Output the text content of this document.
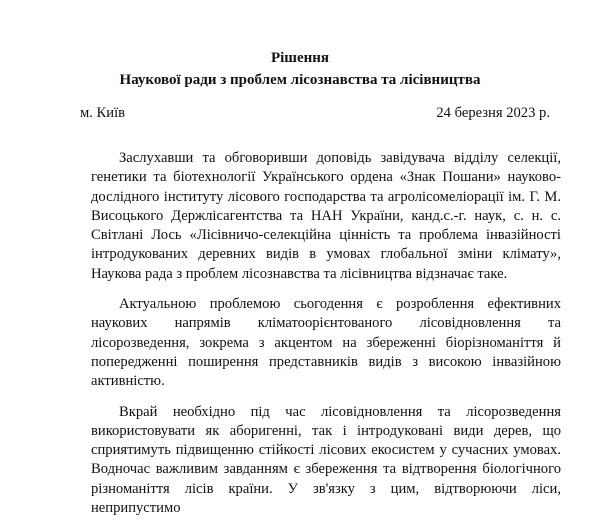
Рішення
Наукової ради з проблем лісознавства та лісівництва
м. Київ	24 березня 2023 р.

Заслухавши та обговоривши доповідь завідувача відділу селекції, генетики та біотехнології Українського ордена «Знак Пошани» науково-дослідного інституту лісового господарства та агролісомеліорації ім. Г. М. Висоцького Держлісагентства та НАН України, канд.с.-г. наук, с. н. с. Світлані Лось «Лісівничо-селекційна цінність та проблема інвазійності інтродукованих деревних видів в умовах глобальної зміни клімату», Наукова рада з проблем лісознавства та лісівництва відзначає таке.

Актуальною проблемою сьогодення є розроблення ефективних наукових напрямів кліматоорієнтованого лісовідновлення та лісорозведення, зокрема з акцентом на збереженні біорізноманіття й попередженні поширення представників видів з високою інвазійною активністю.

Вкрай необхідно під час лісовідновлення та лісорозведення використовувати як аборигенні, так і інтродуковані види дерев, що сприятимуть підвищенню стійкості лісових екосистем у сучасних умовах. Водночас важливим завданням є збереження та відтворення біологічного різноманіття лісів країни. У зв'язку з цим, відтворюючи ліси, неприпустимо
